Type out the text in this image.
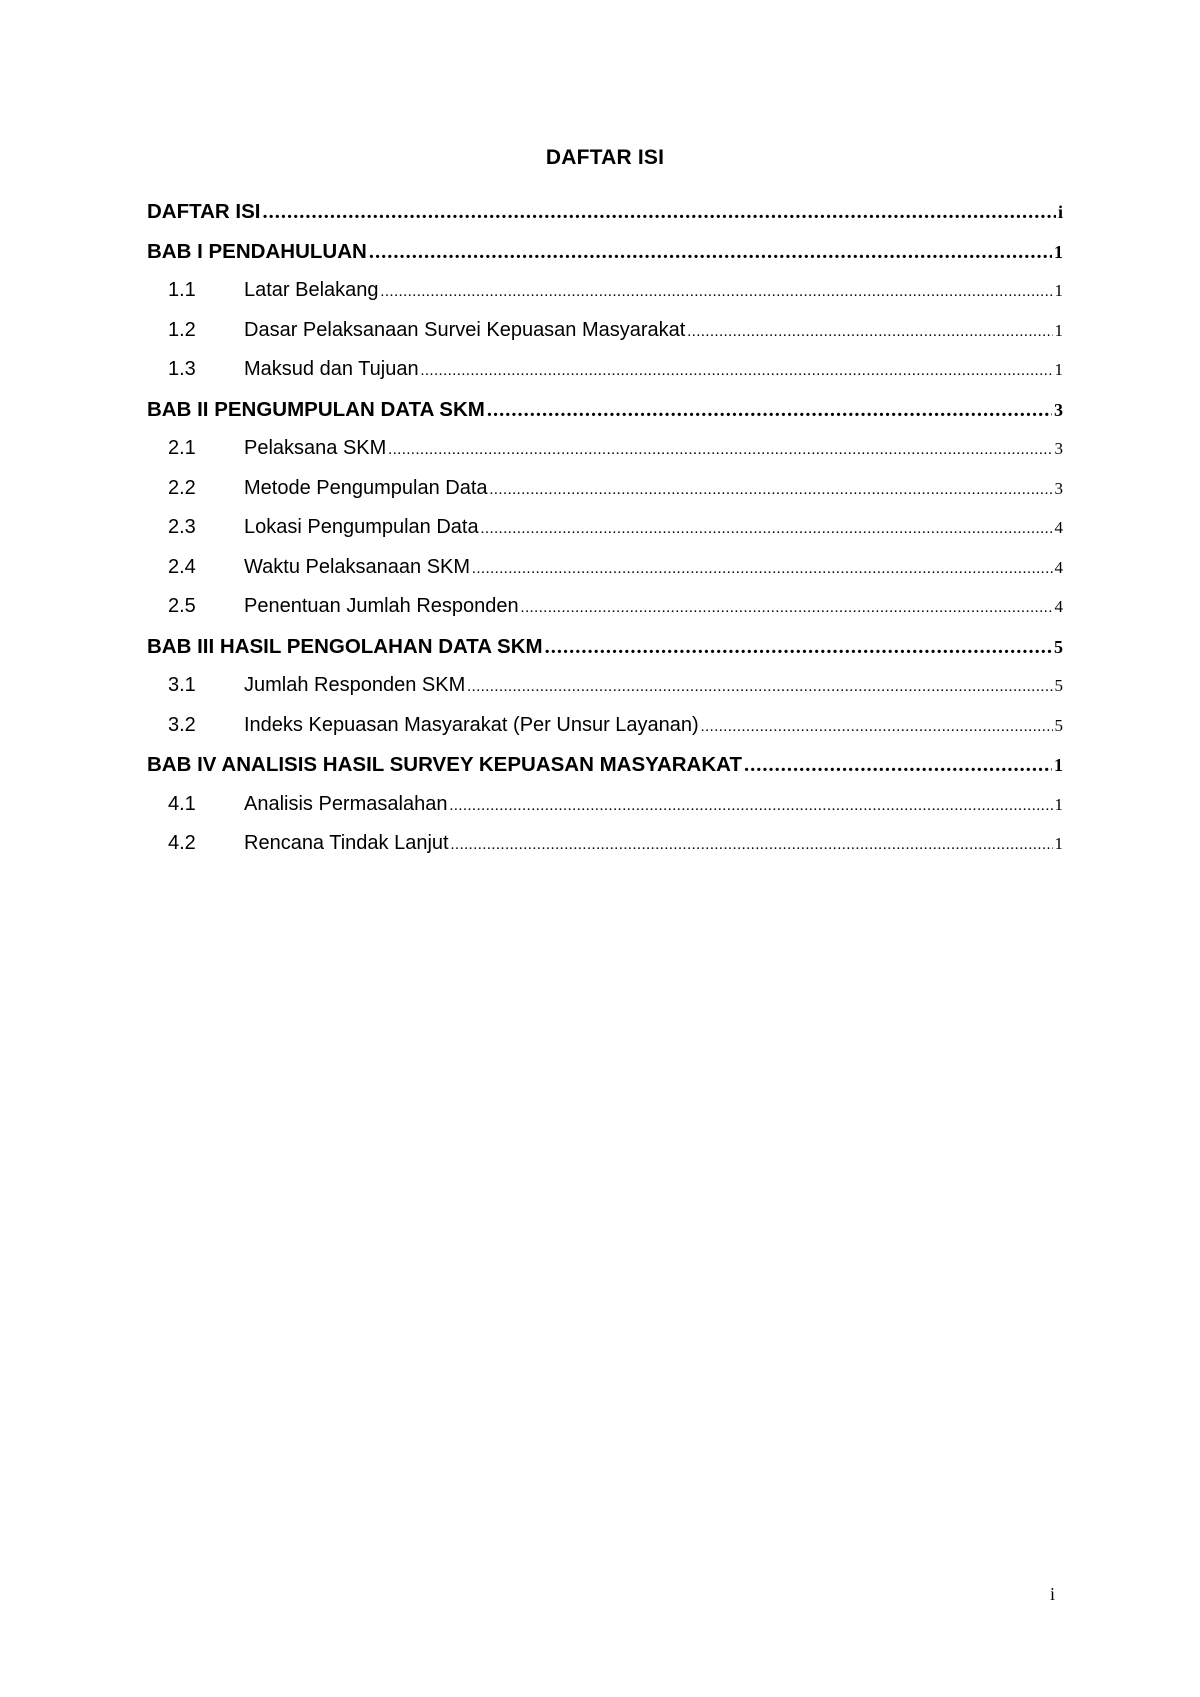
DAFTAR ISI
DAFTAR ISI .....	i
BAB I PENDAHULUAN .....	1
1.1	Latar Belakang .....	1
1.2	Dasar Pelaksanaan Survei Kepuasan Masyarakat .....	1
1.3	Maksud dan Tujuan .....	1
BAB II PENGUMPULAN DATA SKM .....	3
2.1	Pelaksana SKM .....	3
2.2	Metode Pengumpulan Data .....	3
2.3	Lokasi Pengumpulan Data .....	4
2.4	Waktu Pelaksanaan SKM .....	4
2.5	Penentuan Jumlah Responden .....	4
BAB III HASIL PENGOLAHAN DATA SKM .....	5
3.1	Jumlah Responden SKM .....	5
3.2	Indeks Kepuasan Masyarakat (Per Unsur Layanan) .....	5
BAB IV ANALISIS HASIL SURVEY KEPUASAN MASYARAKAT .....	1
4.1	Analisis Permasalahan .....	1
4.2	Rencana Tindak Lanjut .....	1
i
